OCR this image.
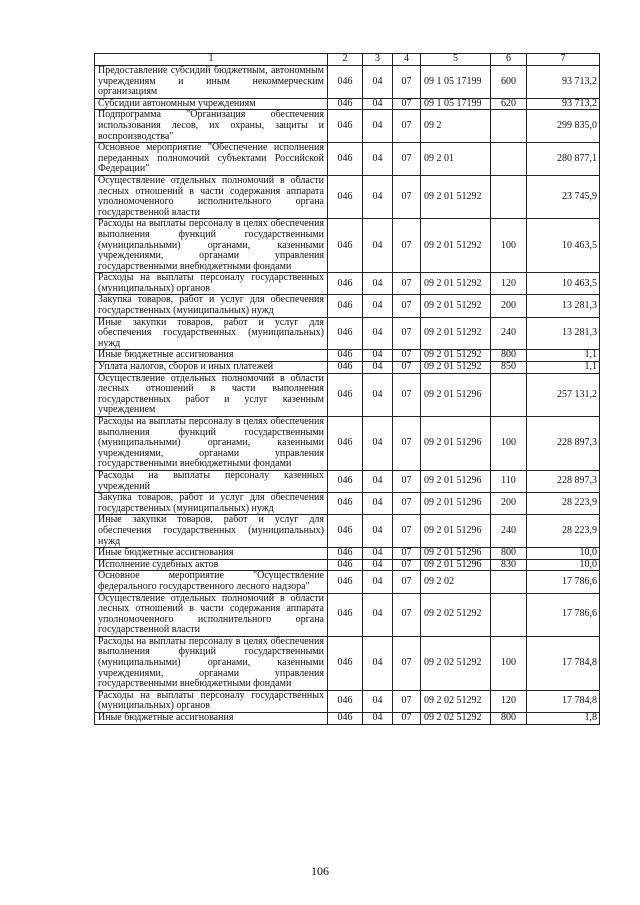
1	2	3	4	5	6	7
Предоставление субсидий бюджетным, автономным учреждениям и иным некоммерческим организациям	046	04	07	09 1 05 17199	600	93 713,2
Субсидии автономным учреждениям	046	04	07	09 1 05 17199	620	93 713,2
Подпрограмма "Организация обеспечения использования лесов, их охраны, защиты и воспроизводства"	046	04	07	09 2		299 835,0
Основное мероприятие "Обеспечение исполнения переданных полномочий субъектами Российской Федерации"	046	04	07	09 2 01		280 877,1
Осуществление отдельных полномочий в области лесных отношений в части содержания аппарата уполномоченного исполнительного органа государственной власти	046	04	07	09 2 01 51292		23 745,9
Расходы на выплаты персоналу в целях обеспечения выполнения функций государственными (муниципальными) органами, казенными учреждениями, органами управления государственными внебюджетными фондами	046	04	07	09 2 01 51292	100	10 463,5
Расходы на выплаты персоналу государственных (муниципальных) органов	046	04	07	09 2 01 51292	120	10 463,5
Закупка товаров, работ и услуг для обеспечения государственных (муниципальных) нужд	046	04	07	09 2 01 51292	200	13 281,3
Иные закупки товаров, работ и услуг для обеспечения государственных (муниципальных) нужд	046	04	07	09 2 01 51292	240	13 281,3
Иные бюджетные ассигнования	046	04	07	09 2 01 51292	800	1,1
Уплата налогов, сборов и иных платежей	046	04	07	09 2 01 51292	850	1,1
Осуществление отдельных полномочий в области лесных отношений в части выполнения государственных работ и услуг казенным учреждением	046	04	07	09 2 01 51296		257 131,2
Расходы на выплаты персоналу в целях обеспечения выполнения функций государственными (муниципальными) органами, казенными учреждениями, органами управления государственными внебюджетными фондами	046	04	07	09 2 01 51296	100	228 897,3
Расходы на выплаты персоналу казенных учреждений	046	04	07	09 2 01 51296	110	228 897,3
Закупка товаров, работ и услуг для обеспечения государственных (муниципальных) нужд	046	04	07	09 2 01 51296	200	28 223,9
Иные закупки товаров, работ и услуг для обеспечения государственных (муниципальных) нужд	046	04	07	09 2 01 51296	240	28 223,9
Иные бюджетные ассигнования	046	04	07	09 2 01 51296	800	10,0
Исполнение судебных актов	046	04	07	09 2 01 51296	830	10,0
Основное мероприятие "Осуществление федерального государственного лесного надзора"	046	04	07	09 2 02		17 786,6
Осуществление отдельных полномочий в области лесных отношений в части содержания аппарата уполномоченного исполнительного органа государственной власти	046	04	07	09 2 02 51292		17 786,6
Расходы на выплаты персоналу в целях обеспечения выполнения функций государственными (муниципальными) органами, казенными учреждениями, органами управления государственными внебюджетными фондами	046	04	07	09 2 02 51292	100	17 784,8
Расходы на выплаты персоналу государственных (муниципальных) органов	046	04	07	09 2 02 51292	120	17 784,8
Иные бюджетные ассигнования	046	04	07	09 2 02 51292	800	1,8
106
